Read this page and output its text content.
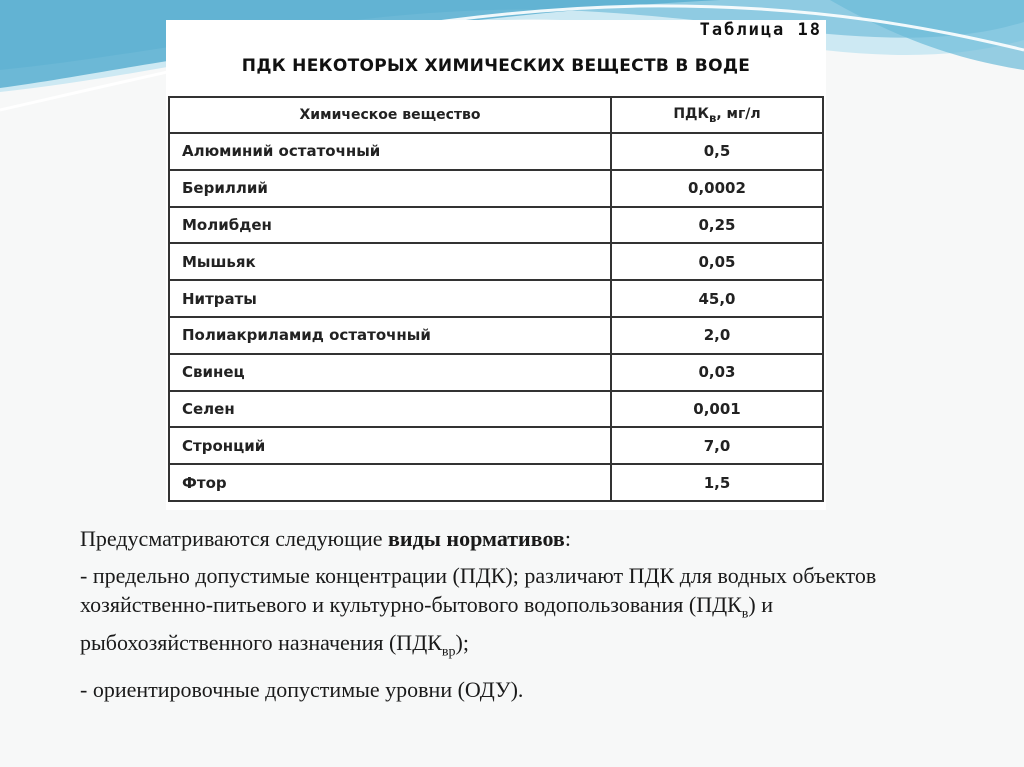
Таблица 18
ПДК НЕКОТОРЫХ ХИМИЧЕСКИХ ВЕЩЕСТВ В ВОДЕ
Химическое вещество	$ПДК_в$, мг/л
Алюминий остаточный	0,5
Бериллий	0,0002
Молибден	0,25
Мышьяк	0,05
Нитраты	45,0
Полиакриламид остаточный	2,0
Свинец	0,03
Селен	0,001
Стронций	7,0
Фтор	1,5

Предусматриваются следующие виды нормативов:

- предельно допустимые концентрации (ПДК); различают ПДК для водных объектов хозяйственно-питьевого и культурно-бытового водопользования $(ПДК_в)$ и рыбохозяйственного назначения $(ПДК_{вр})$;

- ориентировочные допустимые уровни (ОДУ).
